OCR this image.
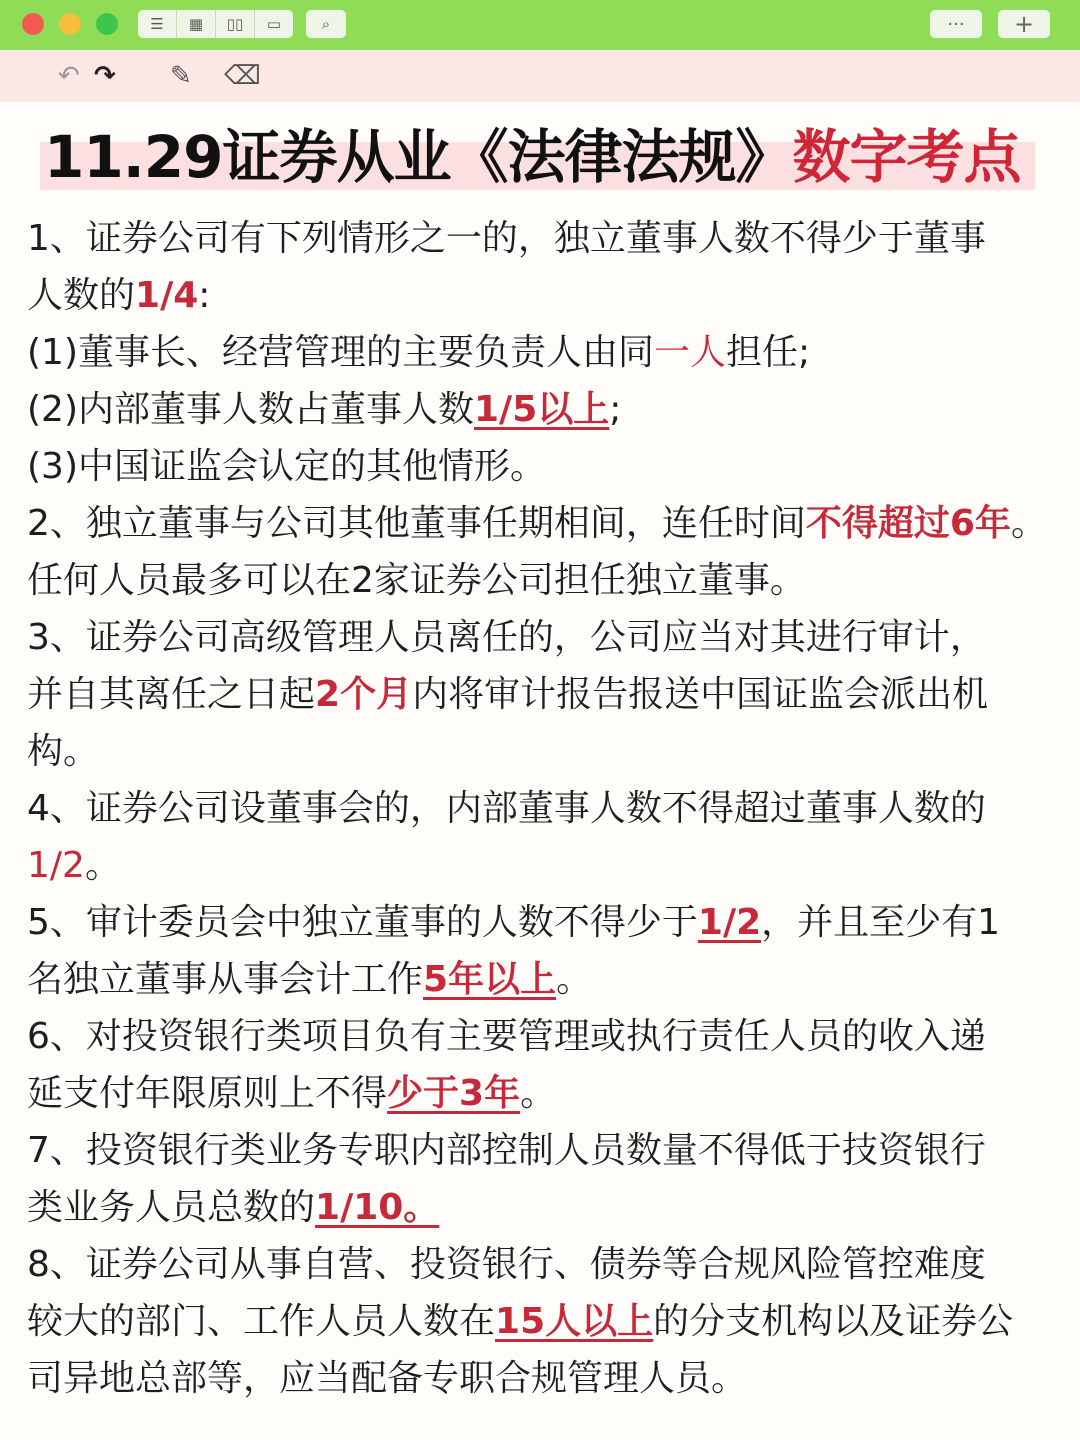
☰	▦	▯▯	▭	⌕	···	+
↶ ↷ ✎ ⌫
11.29证券从业《法律法规》数字考点
1、证券公司有下列情形之一的，独立董事人数不得少于董事
人数的1/4:
(1)董事长、经营管理的主要负责人由同一人担任;
(2)内部董事人数占董事人数1/5以上;
(3)中国证监会认定的其他情形。
2、独立董事与公司其他董事任期相间，连任时间不得超过6年。
任何人员最多可以在2家证券公司担任独立董事。
3、证券公司高级管理人员离任的，公司应当对其进行审计，
并自其离任之日起2个月内将审计报告报送中国证监会派出机
构。
4、证券公司设董事会的，内部董事人数不得超过董事人数的
1/2。
5、审计委员会中独立董事的人数不得少于1/2，并且至少有1
名独立董事从事会计工作5年以上。
6、对投资银行类项目负有主要管理或执行责任人员的收入递
延支付年限原则上不得少于3年。
7、投资银行类业务专职内部控制人员数量不得低于技资银行
类业务人员总数的1/10。
8、证券公司从事自营、投资银行、债券等合规风险管控难度
较大的部门、工作人员人数在15人以上的分支机构以及证券公
司异地总部等，应当配备专职合规管理人员。
